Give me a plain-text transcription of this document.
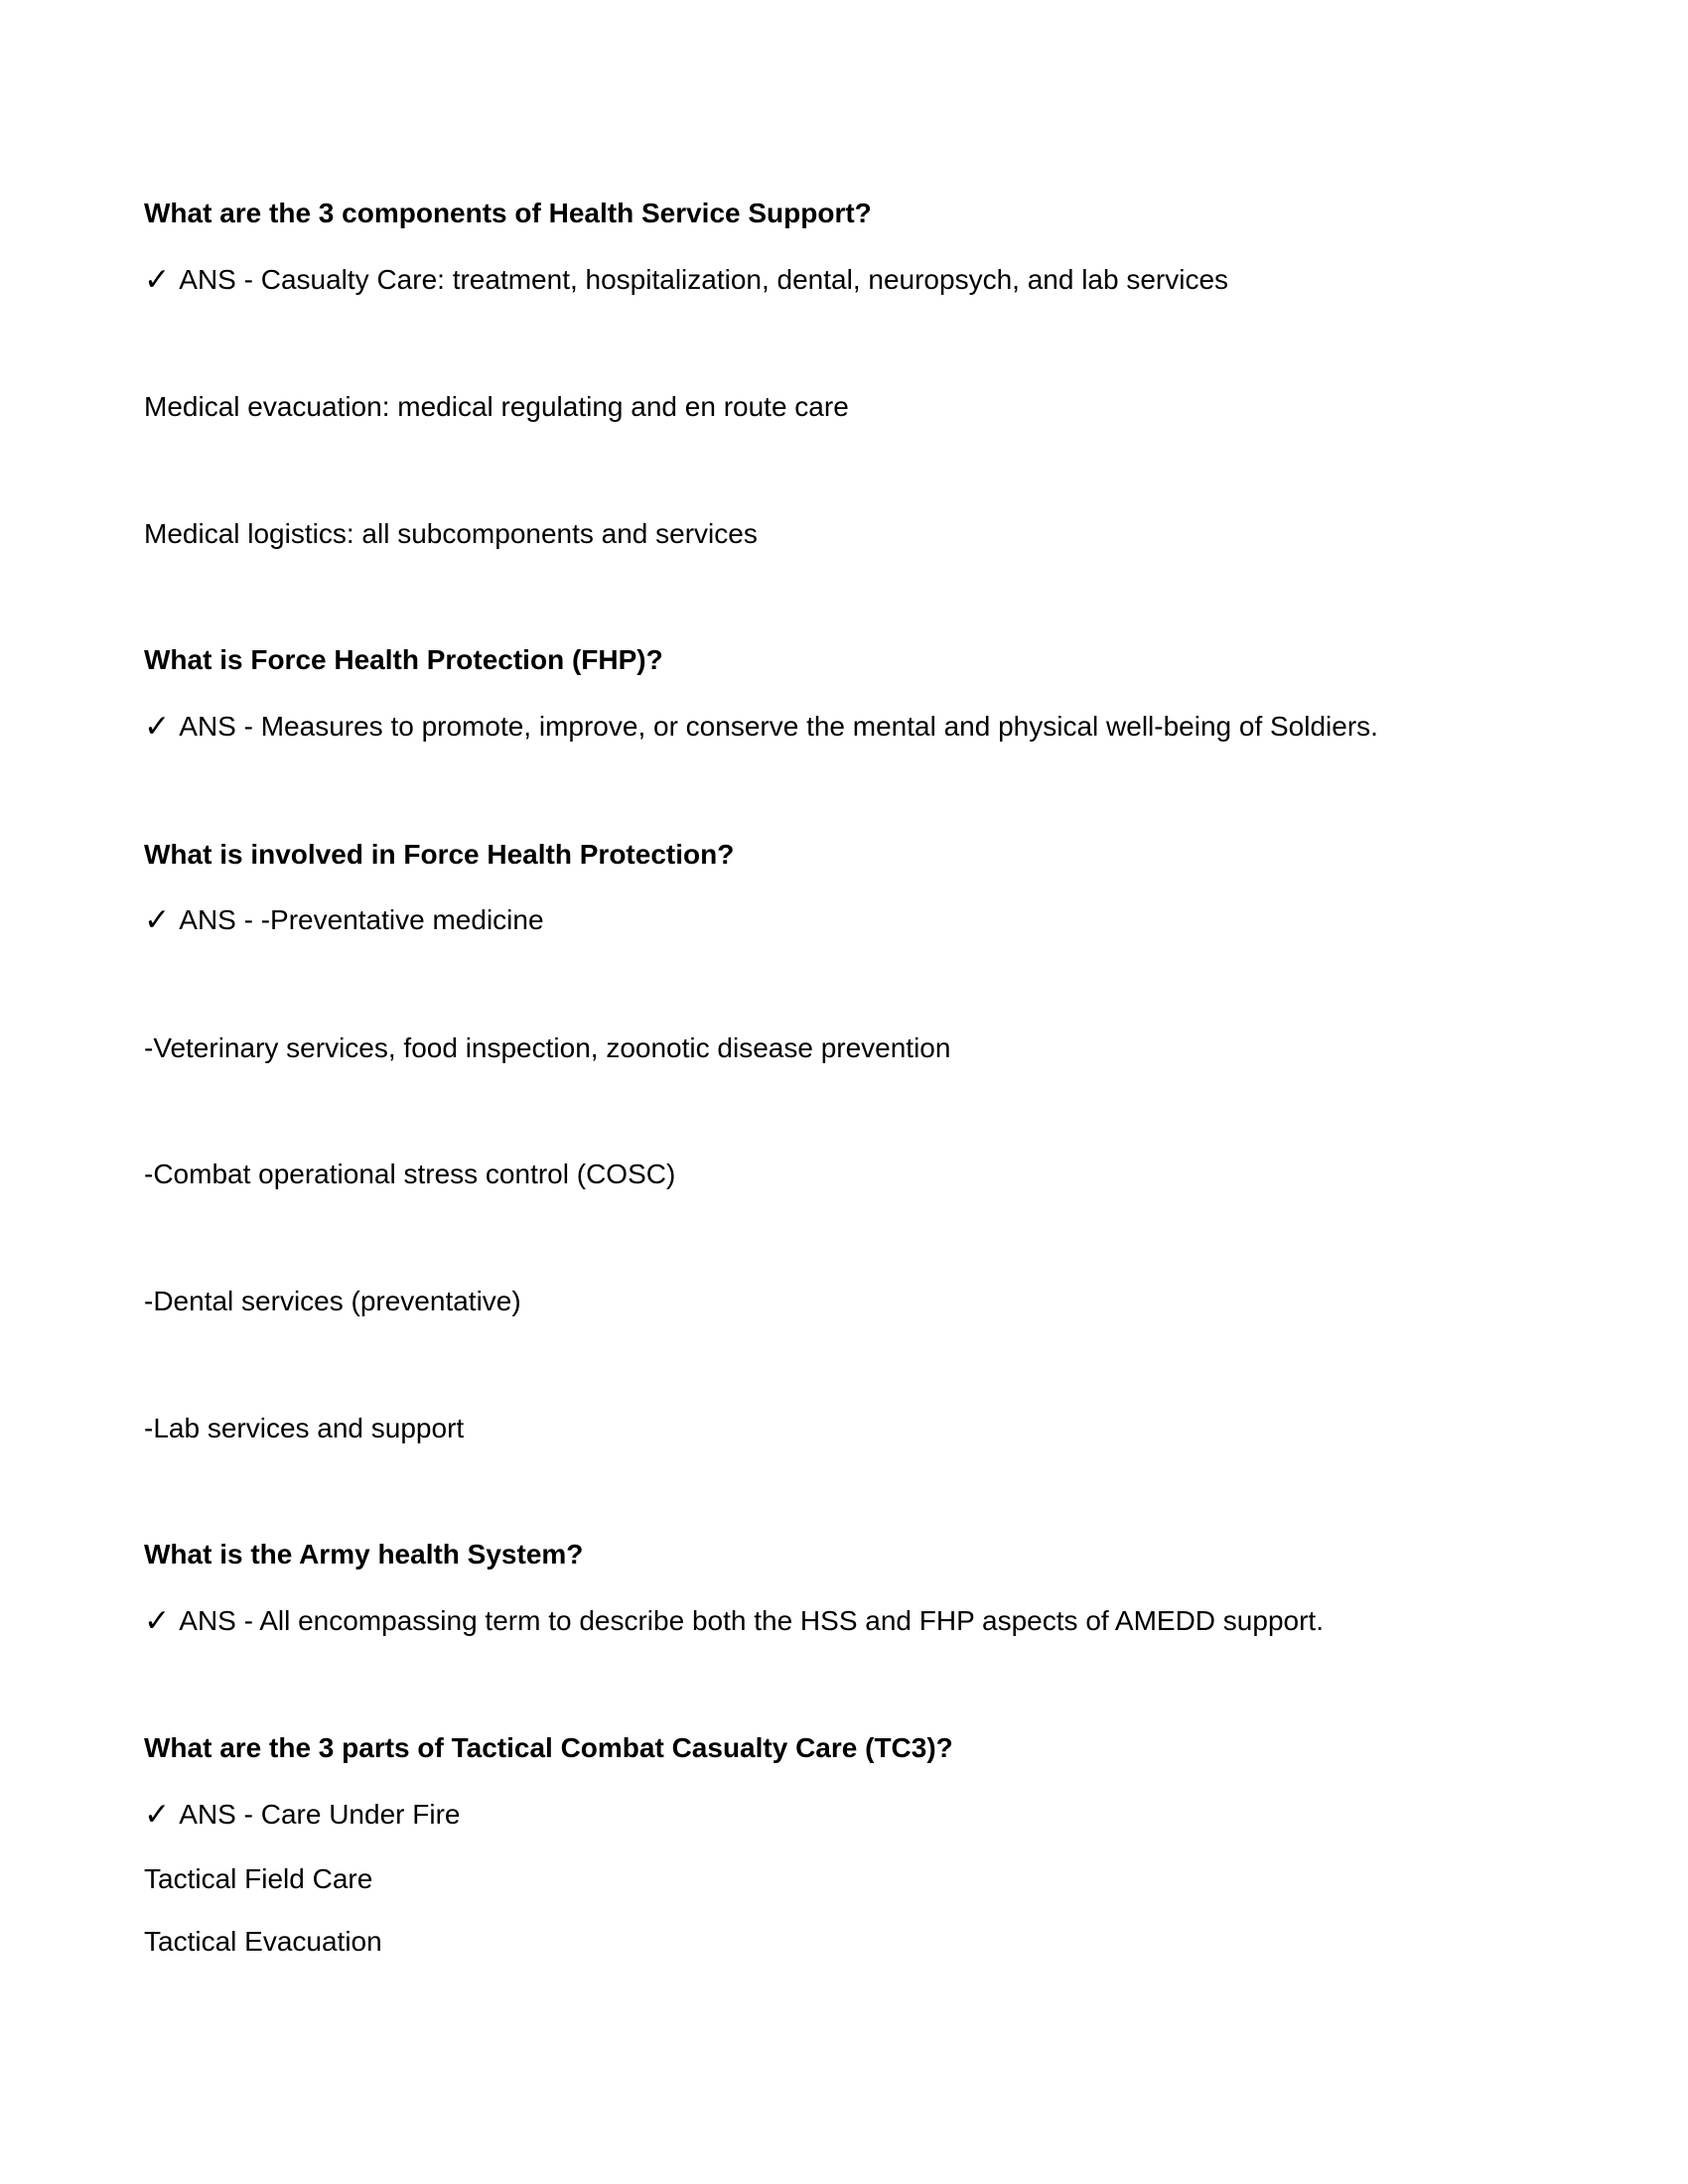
What are the 3 components of Health Service Support?

✓ ANS - Casualty Care: treatment, hospitalization, dental, neuropsych, and lab services

Medical evacuation: medical regulating and en route care

Medical logistics: all subcomponents and services

What is Force Health Protection (FHP)?

✓ ANS - Measures to promote, improve, or conserve the mental and physical well-being of Soldiers.

What is involved in Force Health Protection?

✓ ANS - -Preventative medicine

-Veterinary services, food inspection, zoonotic disease prevention

-Combat operational stress control (COSC)

-Dental services (preventative)

-Lab services and support

What is the Army health System?

✓ ANS - All encompassing term to describe both the HSS and FHP aspects of AMEDD support.

What are the 3 parts of Tactical Combat Casualty Care (TC3)?

✓ ANS - Care Under Fire

Tactical Field Care

Tactical Evacuation
